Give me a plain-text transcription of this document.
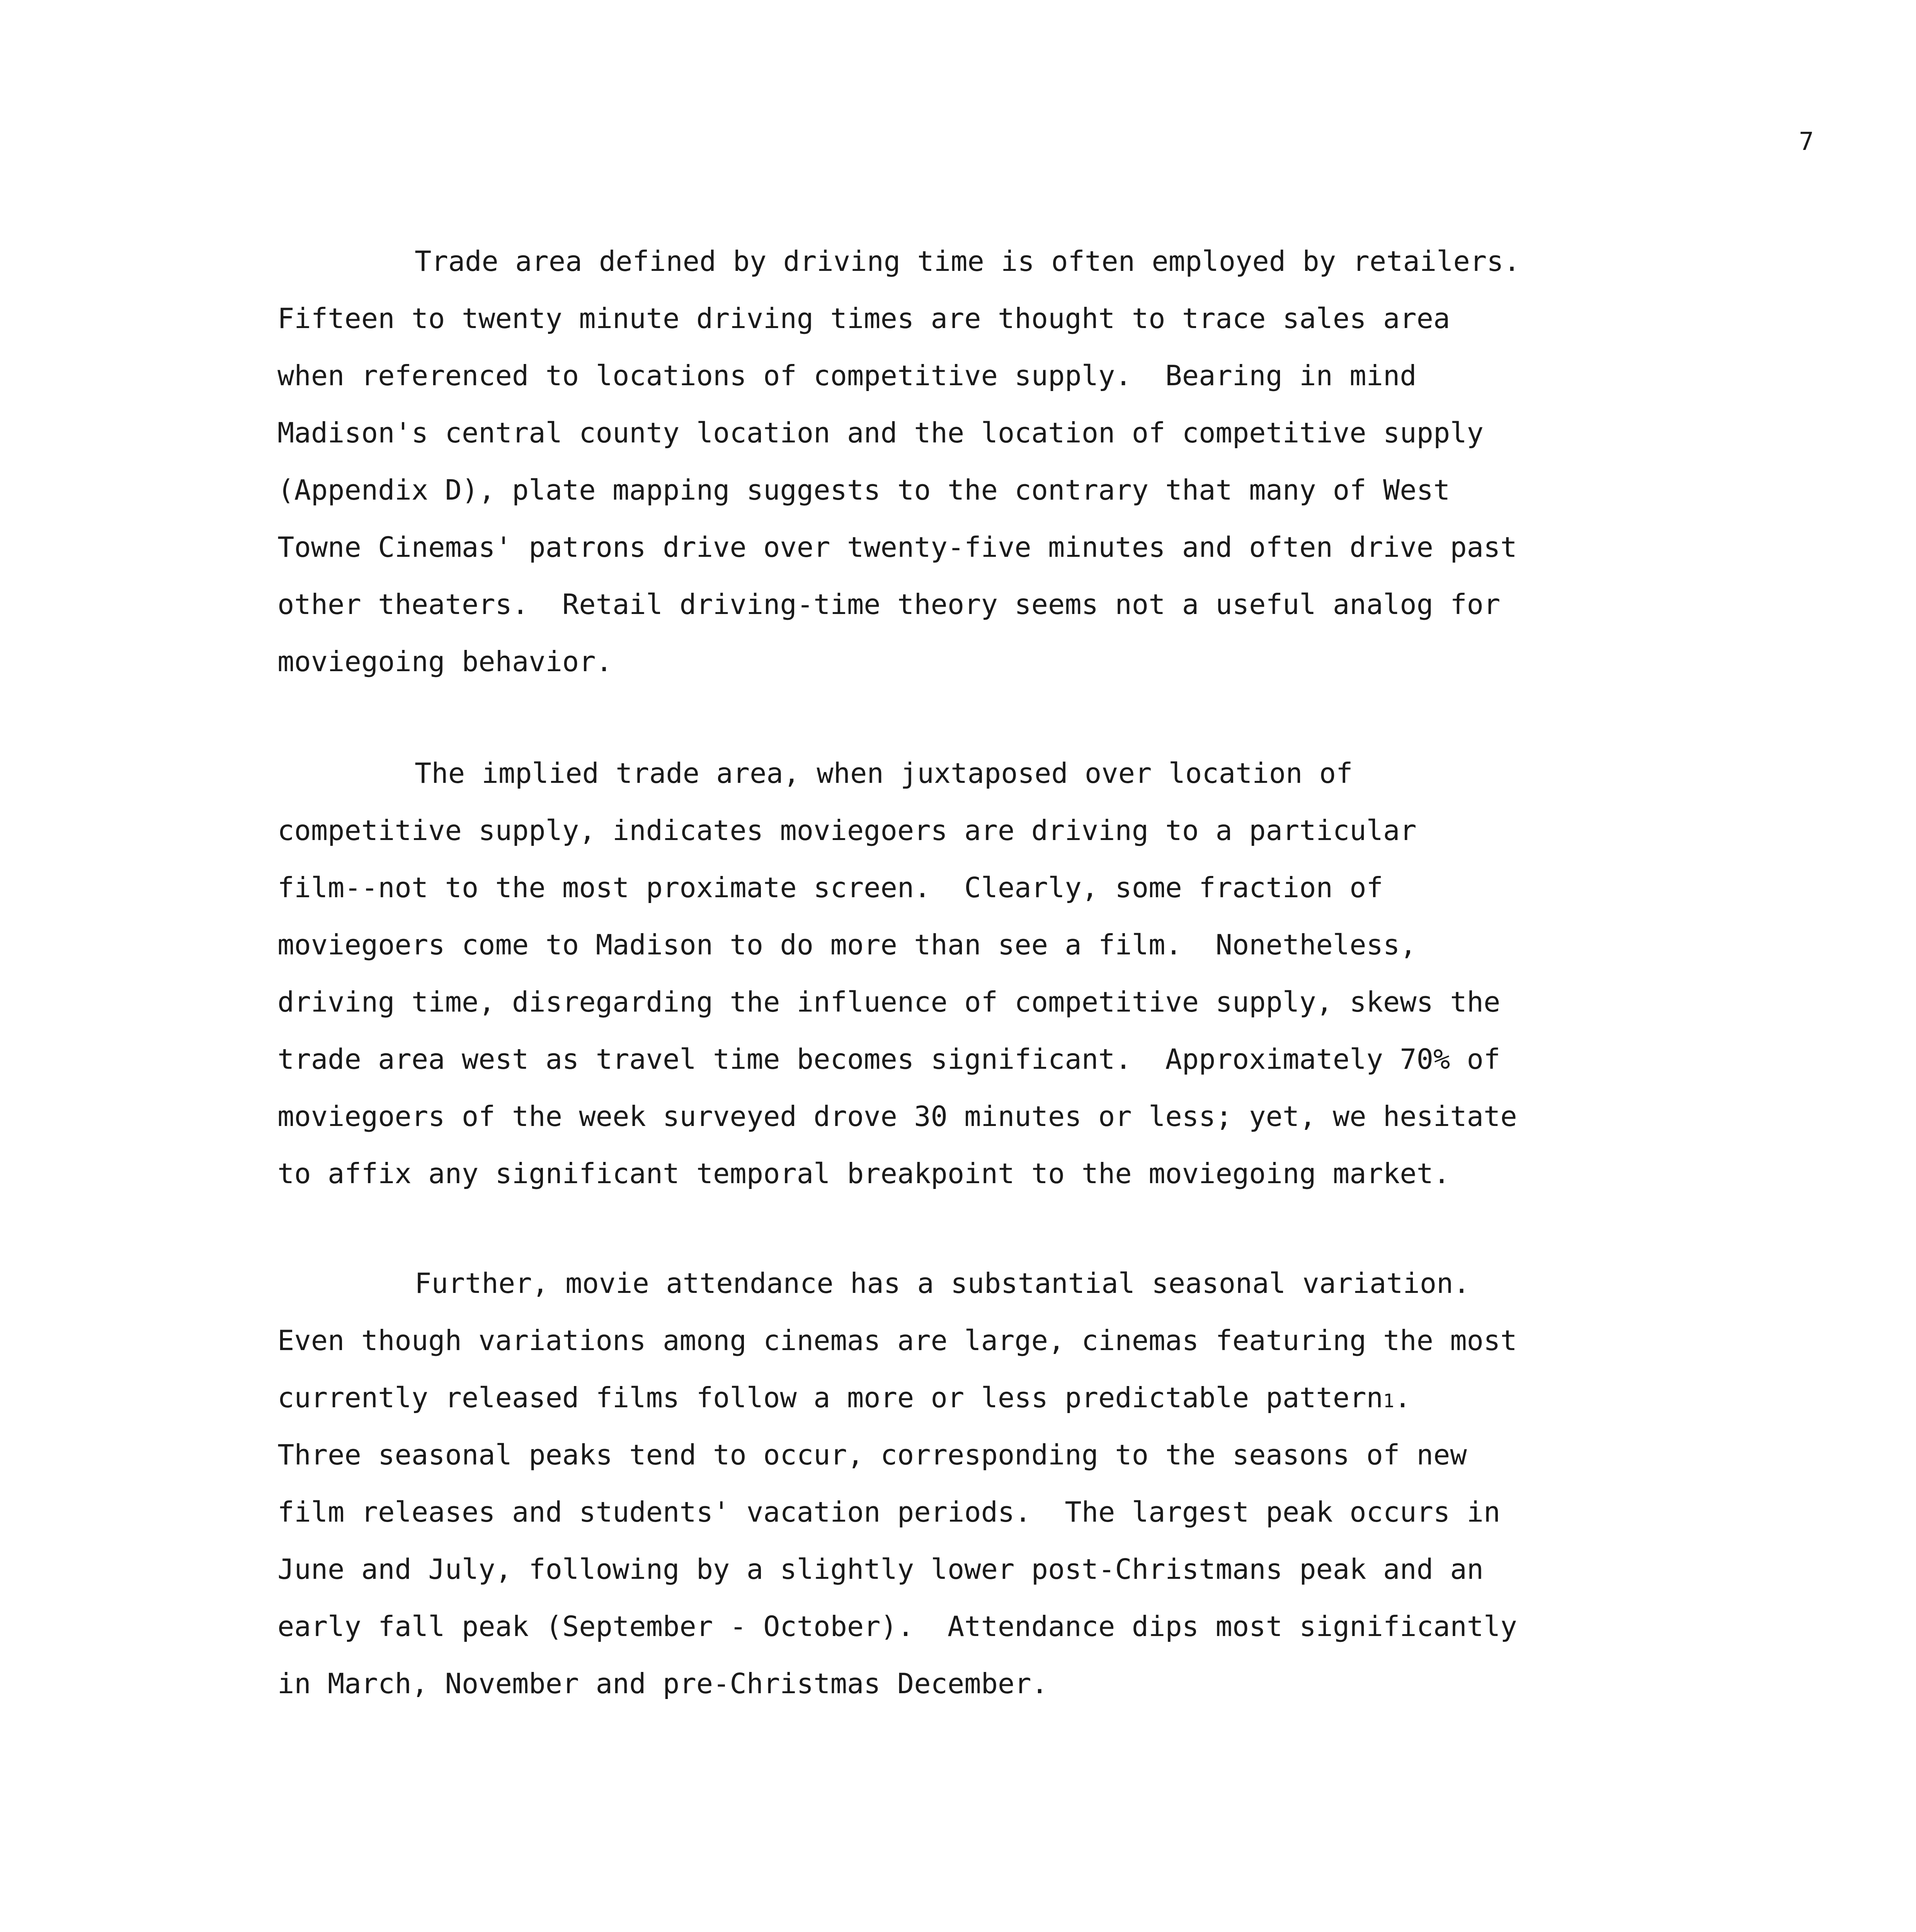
7
Trade area defined by driving time is often employed by retailers.
Fifteen to twenty minute driving times are thought to trace sales area
when referenced to locations of competitive supply.  Bearing in mind
Madison's central county location and the location of competitive supply
(Appendix D), plate mapping suggests to the contrary that many of West
Towne Cinemas' patrons drive over twenty-five minutes and often drive past
other theaters.  Retail driving-time theory seems not a useful analog for
moviegoing behavior.
The implied trade area, when juxtaposed over location of
competitive supply, indicates moviegoers are driving to a particular
film--not to the most proximate screen.  Clearly, some fraction of
moviegoers come to Madison to do more than see a film.  Nonetheless,
driving time, disregarding the influence of competitive supply, skews the
trade area west as travel time becomes significant.  Approximately 70% of
moviegoers of the week surveyed drove 30 minutes or less; yet, we hesitate
to affix any significant temporal breakpoint to the moviegoing market.
Further, movie attendance has a substantial seasonal variation.
Even though variations among cinemas are large, cinemas featuring the most
currently released films follow a more or less predictable pattern$^1$.
Three seasonal peaks tend to occur, corresponding to the seasons of new
film releases and students' vacation periods.  The largest peak occurs in
June and July, following by a slightly lower post-Christmans peak and an
early fall peak (September - October).  Attendance dips most significantly
in March, November and pre-Christmas December.
